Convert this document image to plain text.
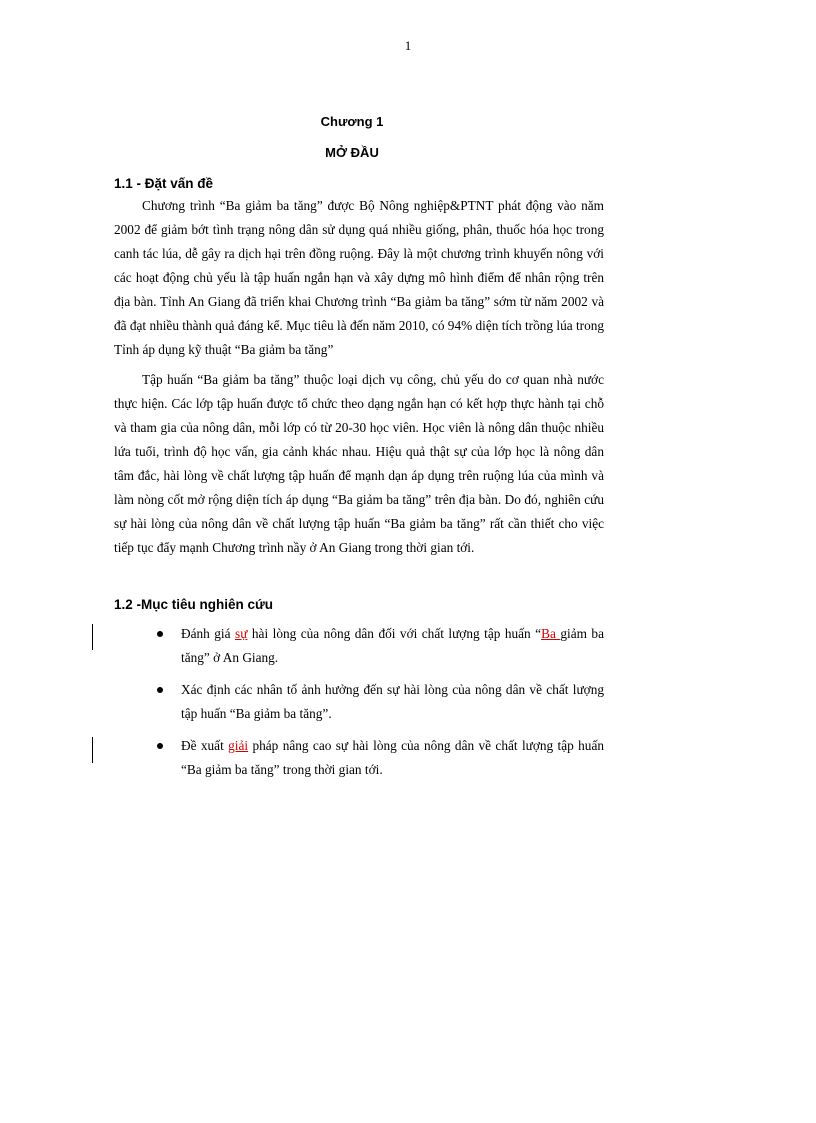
1
Chương 1
MỞ ĐẦU
1.1 - Đặt vấn đề

Chương trình “Ba giảm ba tăng” được Bộ Nông nghiệp&PTNT phát động vào năm 2002 để giảm bớt tình trạng nông dân sử dụng quá nhiều giống, phân, thuốc hóa học trong canh tác lúa, dễ gây ra dịch hại trên đồng ruộng. Đây là một chương trình khuyến nông với các hoạt động chủ yếu là tập huấn ngắn hạn và xây dựng mô hình điểm để nhân rộng trên địa bàn. Tỉnh An Giang đã triển khai Chương trình “Ba giảm ba tăng” sớm từ năm 2002 và đã đạt nhiều thành quả đáng kể. Mục tiêu là đến năm 2010, có 94% diện tích trồng lúa trong Tỉnh áp dụng kỹ thuật “Ba giảm ba tăng”

Tập huấn “Ba giảm ba tăng” thuộc loại dịch vụ công, chủ yếu do cơ quan nhà nước thực hiện. Các lớp tập huấn được tổ chức theo dạng ngắn hạn có kết hợp thực hành tại chỗ và tham gia của nông dân, mỗi lớp có từ 20-30 học viên. Học viên là nông dân thuộc nhiều lứa tuổi, trình độ học vấn, gia cảnh khác nhau. Hiệu quả thật sự của lớp học là nông dân tâm đắc, hài lòng về chất lượng tập huấn để mạnh dạn áp dụng trên ruộng lúa của mình và làm nòng cốt mở rộng diện tích áp dụng “Ba giảm ba tăng” trên địa bàn. Do đó, nghiên cứu sự hài lòng của nông dân về chất lượng tập huấn “Ba giảm ba tăng” rất cần thiết cho việc tiếp tục đẩy mạnh Chương trình nầy ở An Giang trong thời gian tới.

1.2 -Mục tiêu nghiên cứu
Đánh giá sự hài lòng của nông dân đối với chất lượng tập huấn “Ba giảm ba tăng” ở An Giang.
Xác định các nhân tố ảnh hưởng đến sự hài lòng của nông dân về chất lượng tập huấn “Ba giảm ba tăng”.
Đề xuất giải pháp nâng cao sự hài lòng của nông dân về chất lượng tập huấn “Ba giảm ba tăng” trong thời gian tới.
